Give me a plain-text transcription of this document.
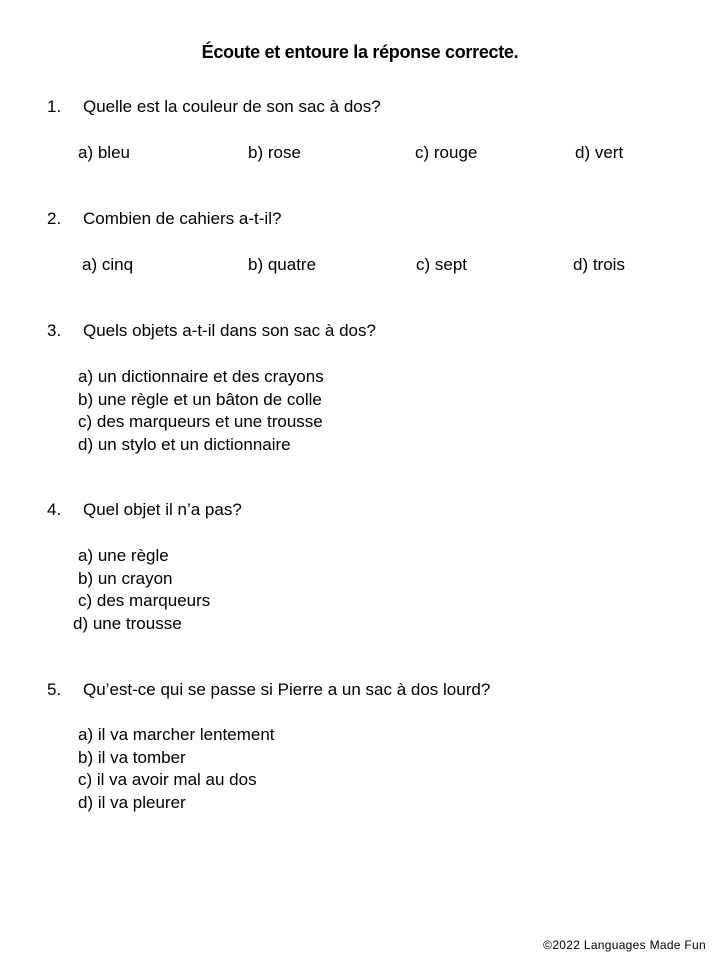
Écoute et entoure la réponse correcte.
1. Quelle est la couleur de son sac à dos?
a) bleu	b) rose	c) rouge	d) vert
2. Combien de cahiers a-t-il?
a) cinq	b) quatre	c) sept	d) trois
3. Quels objets a-t-il dans son sac à dos?
a) un dictionnaire et des crayons
b) une règle et un bâton de colle
c) des marqueurs et une trousse
d) un stylo et un dictionnaire
4. Quel objet il n’a pas?
a) une règle
b) un crayon
c) des marqueurs
d) une trousse
5. Qu’est-ce qui se passe si Pierre a un sac à dos lourd?
a) il va marcher lentement
b) il va tomber
c) il va avoir mal au dos
d) il va pleurer
©2022 Languages Made Fun
